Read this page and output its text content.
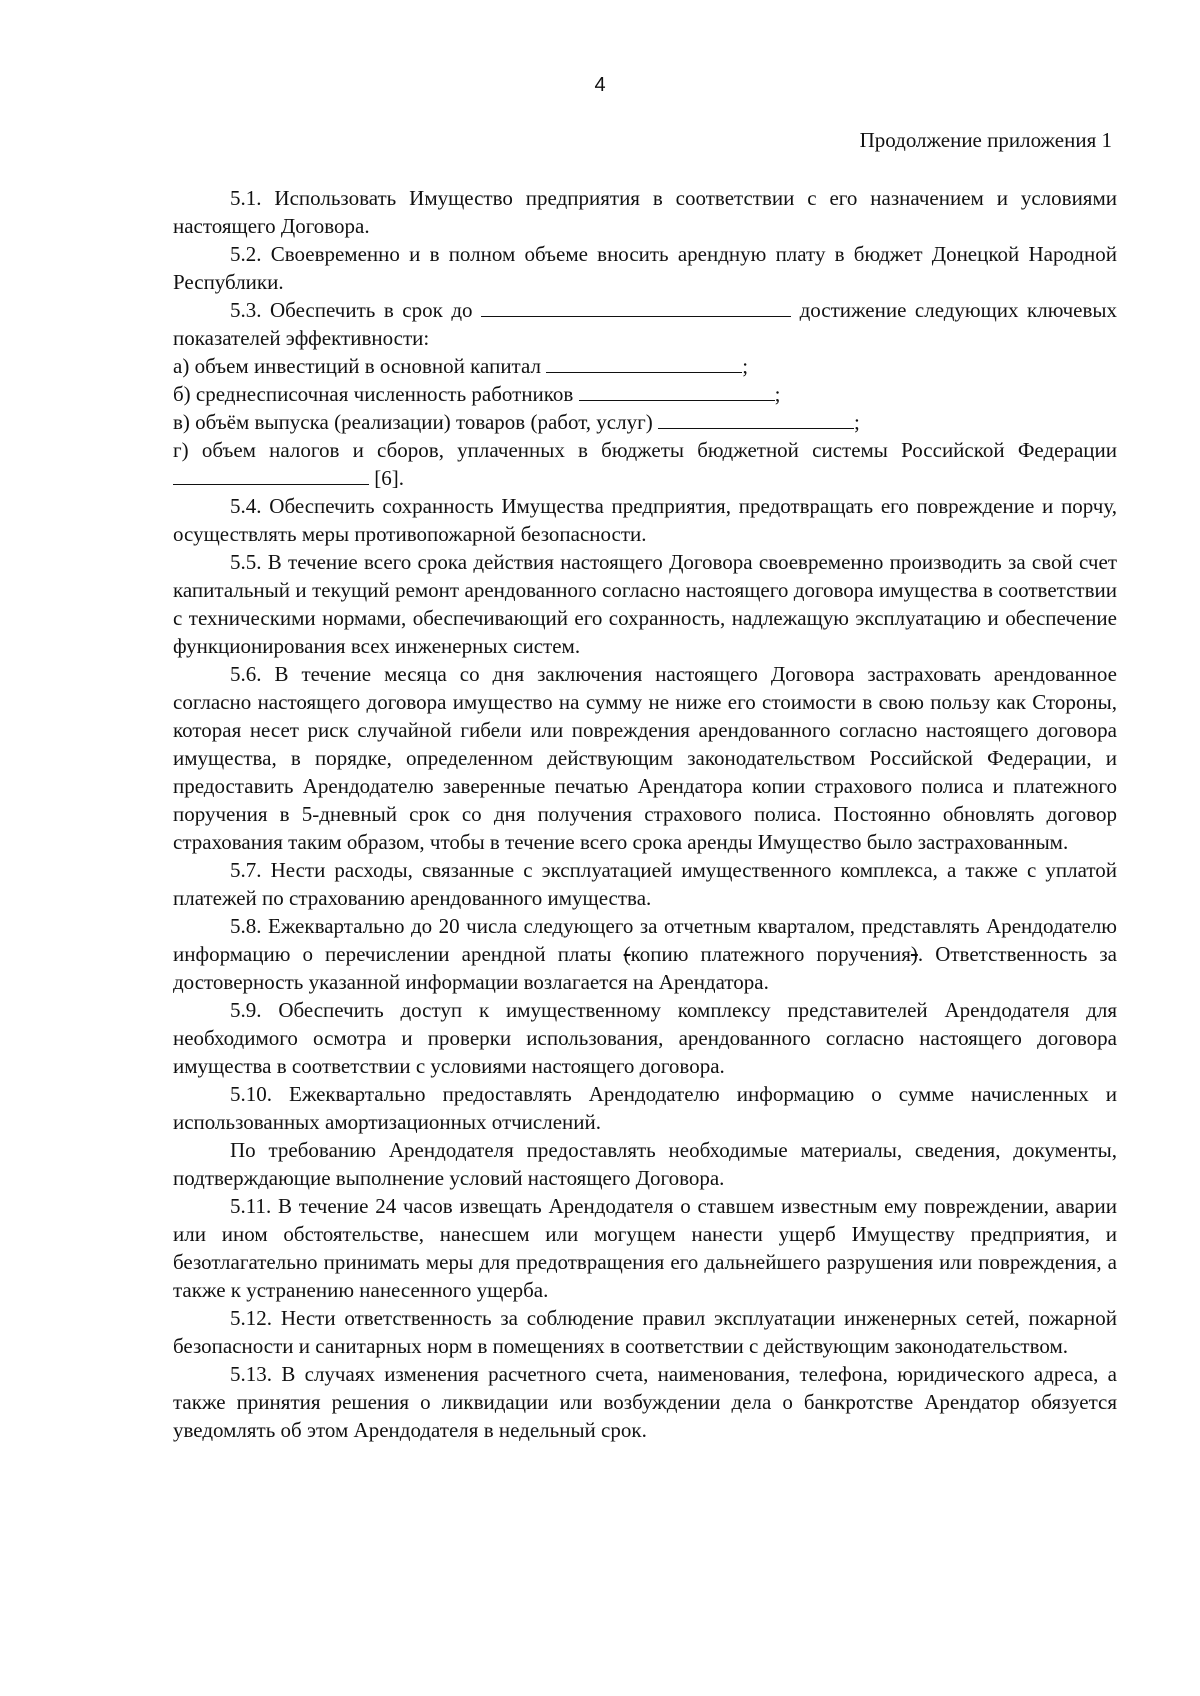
4
Продолжение приложения 1

5.1. Использовать Имущество предприятия в соответствии с его назначением и условиями настоящего Договора.

5.2. Своевременно и в полном объеме вносить арендную плату в бюджет Донецкой Народной Республики.

5.3. Обеспечить в срок до	достижение следующих ключевых показателей эффективности:

а) объем инвестиций в основной капитал	;

б) среднесписочная численность работников	;

в) объём выпуска (реализации) товаров (работ, услуг)	;

г) объем налогов и сборов, уплаченных в бюджеты бюджетной системы Российской Федерации  [6].

5.4. Обеспечить сохранность Имущества предприятия, предотвращать его повреждение и порчу, осуществлять меры противопожарной безопасности.

5.5. В течение всего срока действия настоящего Договора своевременно производить за свой счет капитальный и текущий ремонт арендованного согласно настоящего договора имущества в соответствии с техническими нормами, обеспечивающий его сохранность, надлежащую эксплуатацию и обеспечение функционирования всех инженерных систем.

5.6. В течение месяца со дня заключения настоящего Договора застраховать арендованное согласно настоящего договора имущество на сумму не ниже его стоимости в свою пользу как Стороны, которая несет риск случайной гибели или повреждения арендованного согласно настоящего договора имущества, в порядке, определенном действующим законодательством Российской Федерации, и предоставить Арендодателю заверенные печатью Арендатора копии страхового полиса и платежного поручения в 5-дневный срок со дня получения страхового полиса. Постоянно обновлять договор страхования таким образом, чтобы в течение всего срока аренды Имущество было застрахованным.

5.7. Нести расходы, связанные с эксплуатацией имущественного комплекса, а также с уплатой платежей по страхованию арендованного имущества.

5.8. Ежеквартально до 20 числа следующего за отчетным кварталом, представлять Арендодателю информацию о перечислении арендной платы (копию платежного поручения). Ответственность за достоверность указанной информации возлагается на Арендатора.

5.9. Обеспечить доступ к имущественному комплексу представителей Арендодателя для необходимого осмотра и проверки использования, арендованного согласно настоящего договора имущества в соответствии с условиями настоящего договора.

5.10. Ежеквартально предоставлять Арендодателю информацию о сумме начисленных и использованных амортизационных отчислений.

По требованию Арендодателя предоставлять необходимые материалы, сведения, документы, подтверждающие выполнение условий настоящего Договора.

5.11. В течение 24 часов извещать Арендодателя о ставшем известным ему повреждении, аварии или ином обстоятельстве, нанесшем или могущем нанести ущерб Имуществу предприятия, и безотлагательно принимать меры для предотвращения его дальнейшего разрушения или повреждения, а также к устранению нанесенного ущерба.

5.12. Нести ответственность за соблюдение правил эксплуатации инженерных сетей, пожарной безопасности и санитарных норм в помещениях в соответствии с действующим законодательством.

5.13. В случаях изменения расчетного счета, наименования, телефона, юридического адреса, а также принятия решения о ликвидации или возбуждении дела о банкротстве Арендатор обязуется уведомлять об этом Арендодателя в недельный срок.
